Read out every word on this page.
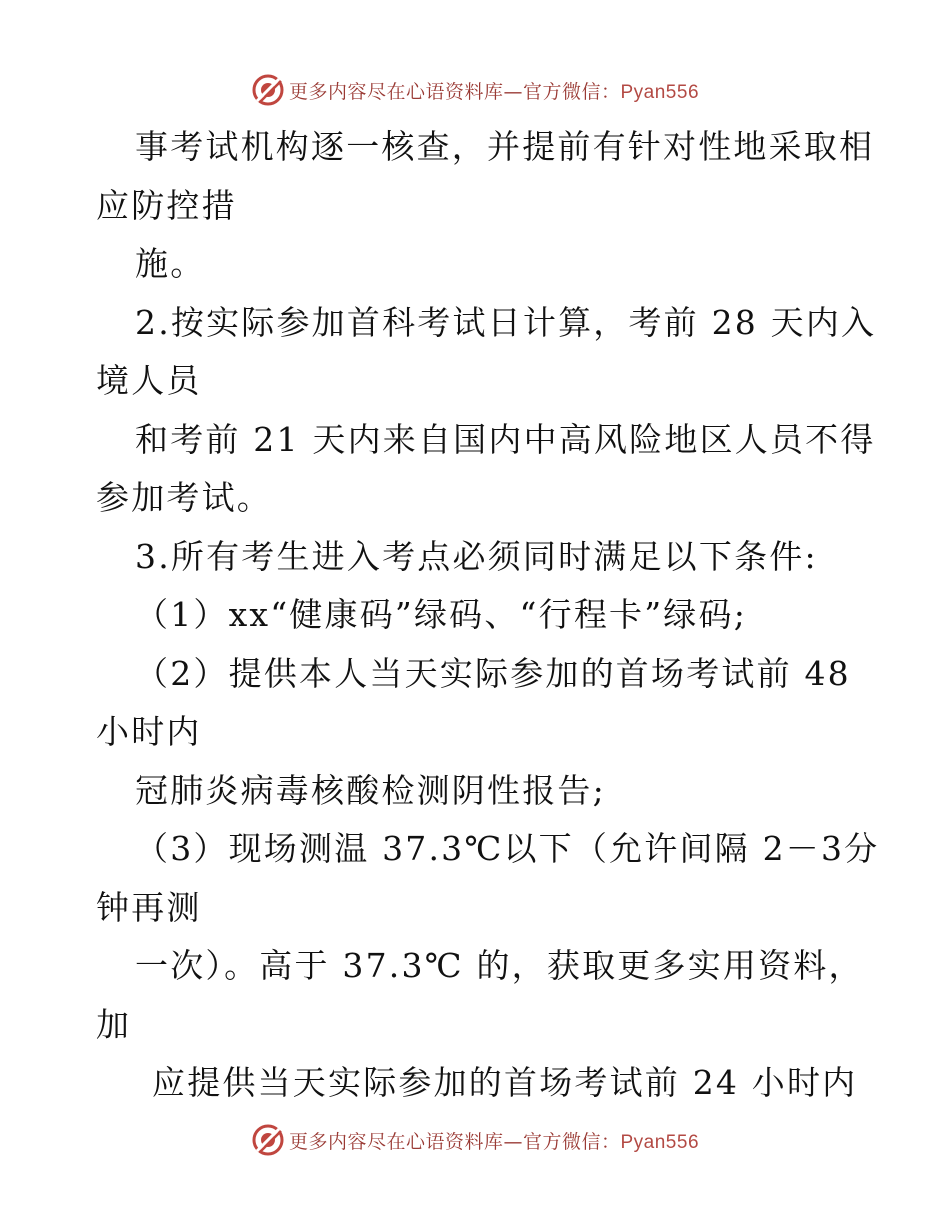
更多内容尽在心语资料库—官方微信：Pyan556
事考试机构逐一核查，并提前有针对性地采取相
应防控措
施。
2.按实际参加首科考试日计算，考前 28 天内入
境人员
和考前 21 天内来自国内中高风险地区人员不得
参加考试。
3.所有考生进入考点必须同时满足以下条件:
（1）xx“健康码”绿码、“行程卡”绿码;
（2）提供本人当天实际参加的首场考试前 48
小时内
冠肺炎病毒核酸检测阴性报告;
（3）现场测温 37.3℃以下（允许间隔 2－3分
钟再测
一次）。高于 37.3℃ 的，获取更多实用资料，
加
应提供当天实际参加的首场考试前 24 小时内
更多内容尽在心语资料库—官方微信：Pyan556
